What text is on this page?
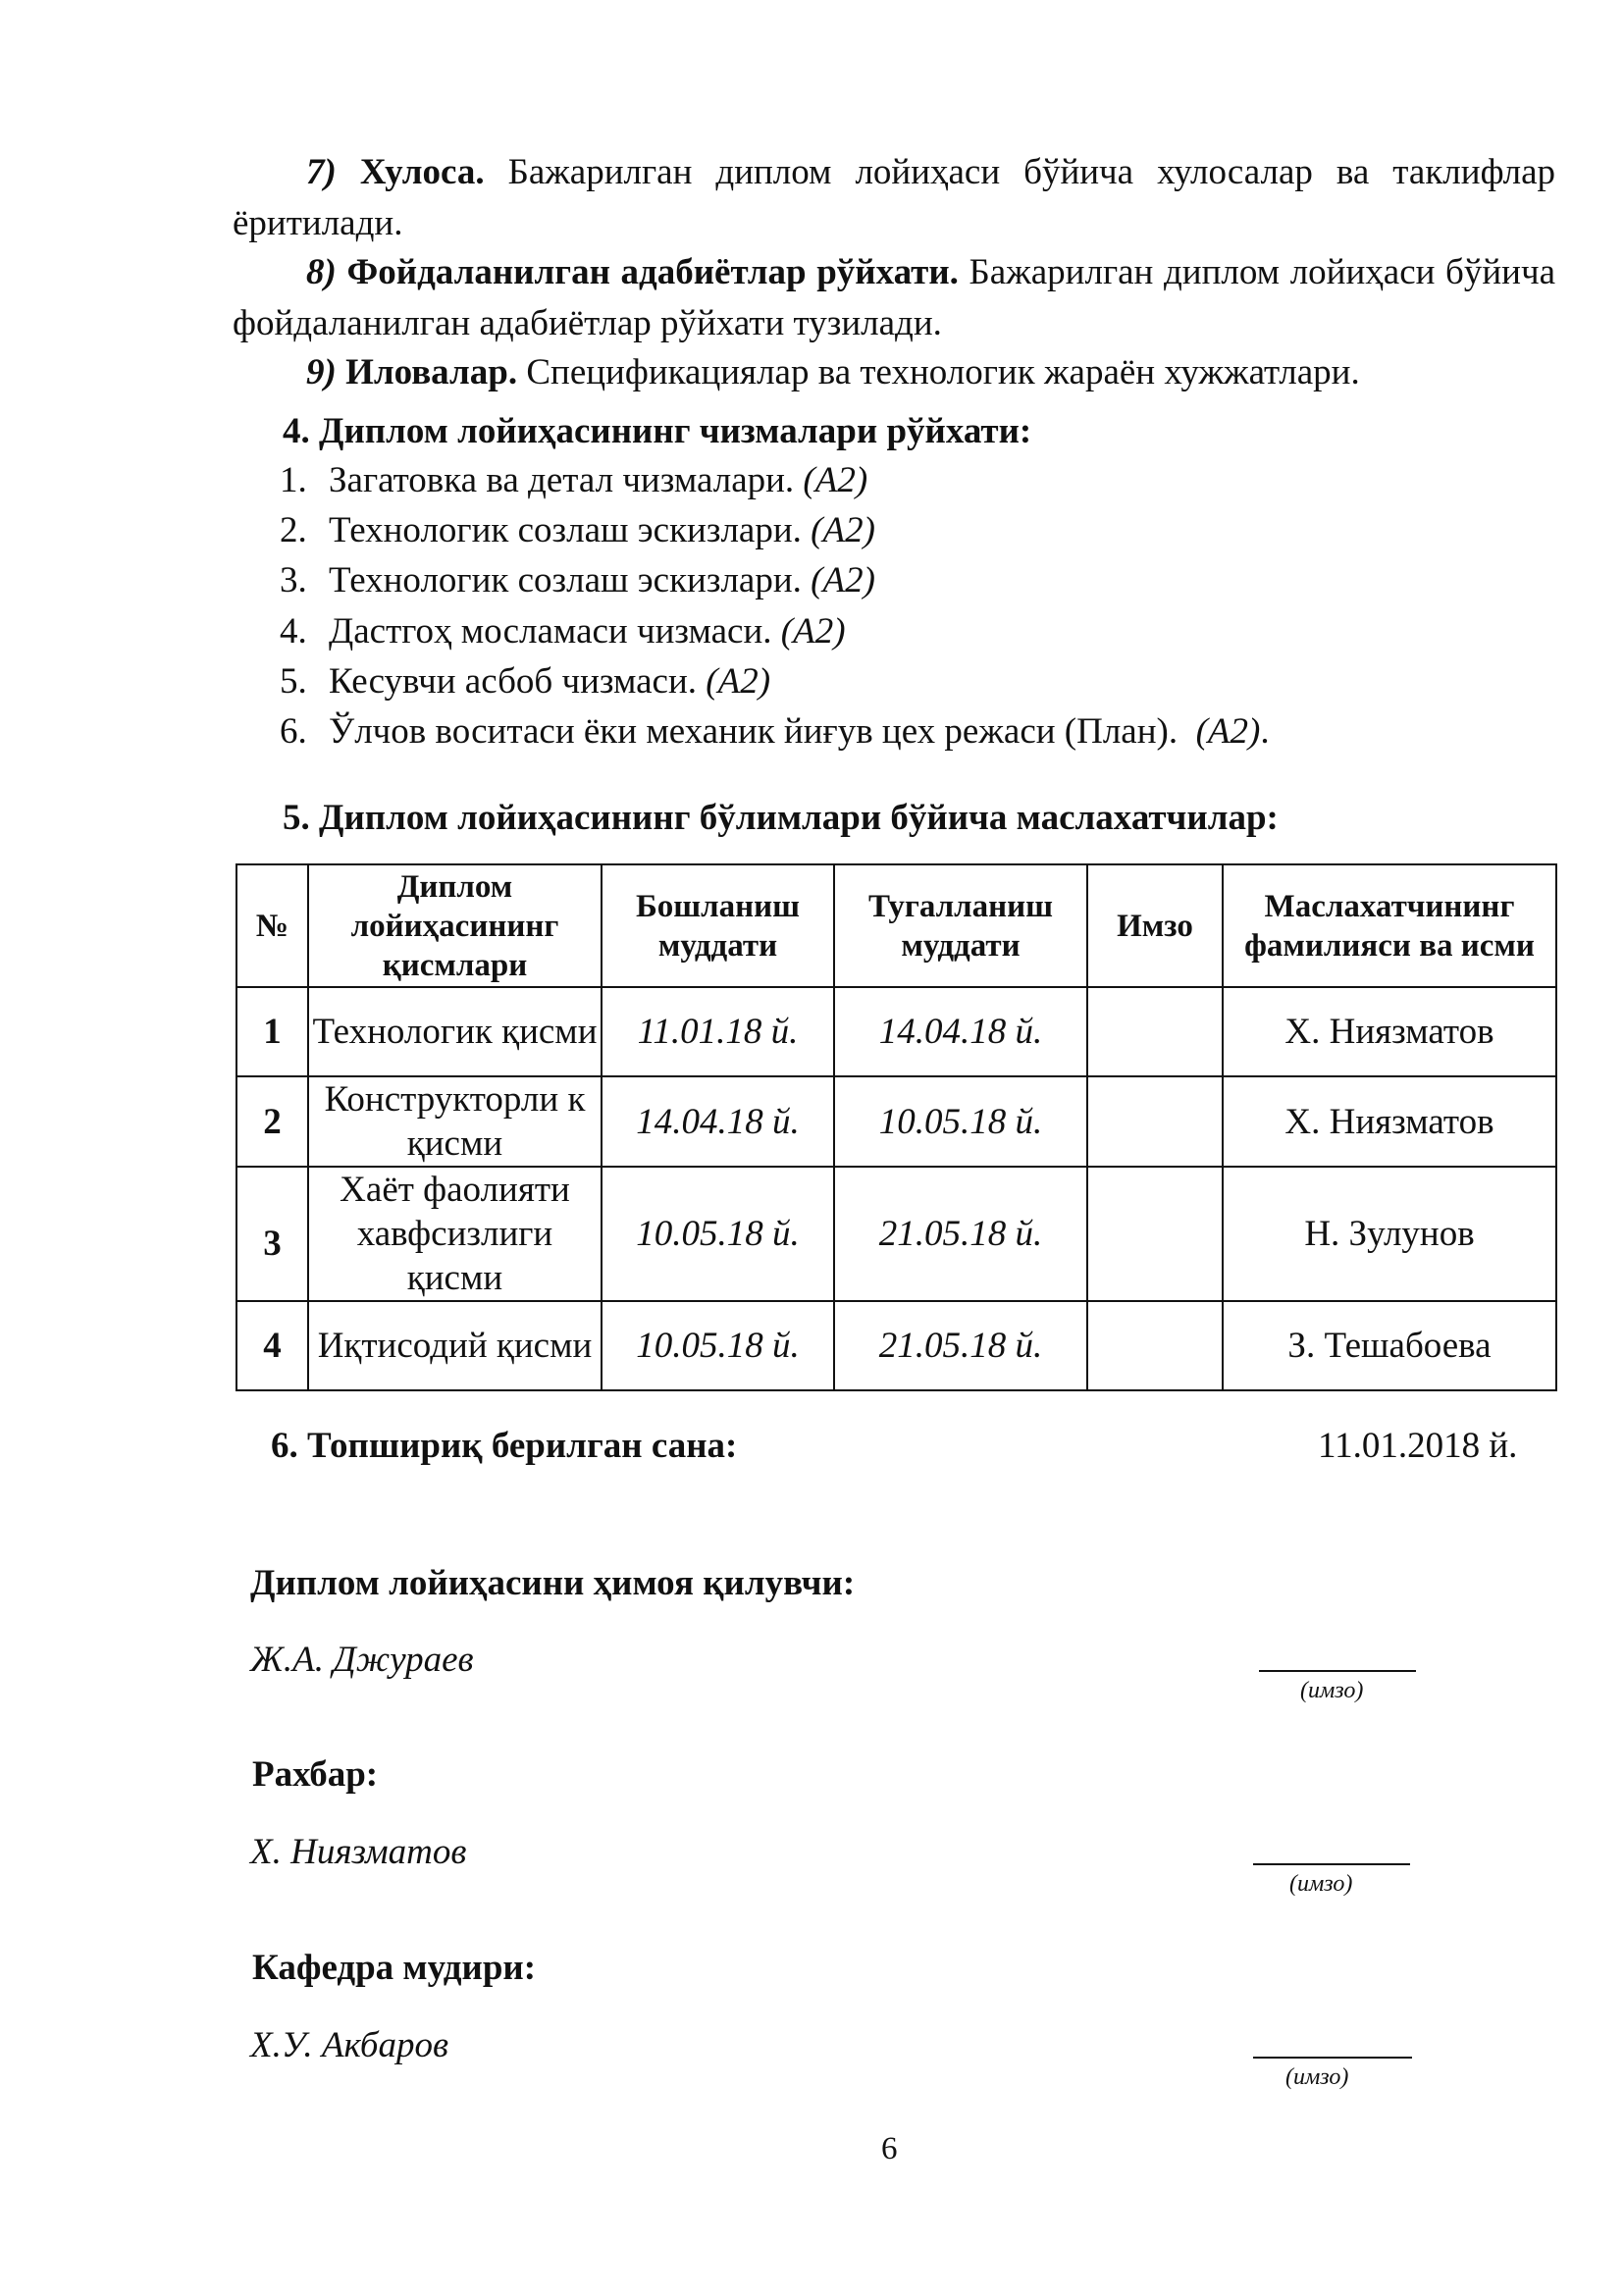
7) Хулоса. Бажарилган диплом лойиҳаси бўйича хулосалар ва таклифлар ёритилади.
8) Фойдаланилган адабиётлар рўйхати. Бажарилган диплом лойиҳаси бўйича фойдаланилган адабиётлар рўйхати тузилади.
9) Иловалар. Спецификациялар ва технологик жараён хужжатлари.
4. Диплом лойиҳасининг чизмалари рўйхати:
1. Загатовка ва детал чизмалари. (А2)
2. Технологик созлаш эскизлари. (А2)
3. Технологик созлаш эскизлари. (А2)
4. Дастгоҳ мосламаси чизмаси. (А2)
5. Кесувчи асбоб чизмаси. (А2)
6. Ўлчов воситаси ёки механик йиғув цех режаси (План).  (А2).
5. Диплом лойиҳасининг бўлимлари бўйича маслахатчилар:
№	Диплом лойиҳасининг қисмлари	Бошланиш муддати	Тугалланиш муддати	Имзо	Маслахатчининг фамилияси ва исми
1	Технологик қисми	11.01.18 й.	14.04.18 й.		Х. Ниязматов
2	Конструкторли к қисми	14.04.18 й.	10.05.18 й.		Х. Ниязматов
3	Хаёт фаолияти хавфсизлиги қисми	10.05.18 й.	21.05.18 й.		Н. Зулунов
4	Иқтисодий қисми	10.05.18 й.	21.05.18 й.		З. Тешабоева
6. Топшириқ берилган сана:	11.01.2018 й.
Диплом лойиҳасини ҳимоя қилувчи:
Ж.А. Джураев
(имзо)
Рахбар:
Х. Ниязматов
(имзо)
Кафедра мудири:
Х.У. Акбаров
(имзо)
6
